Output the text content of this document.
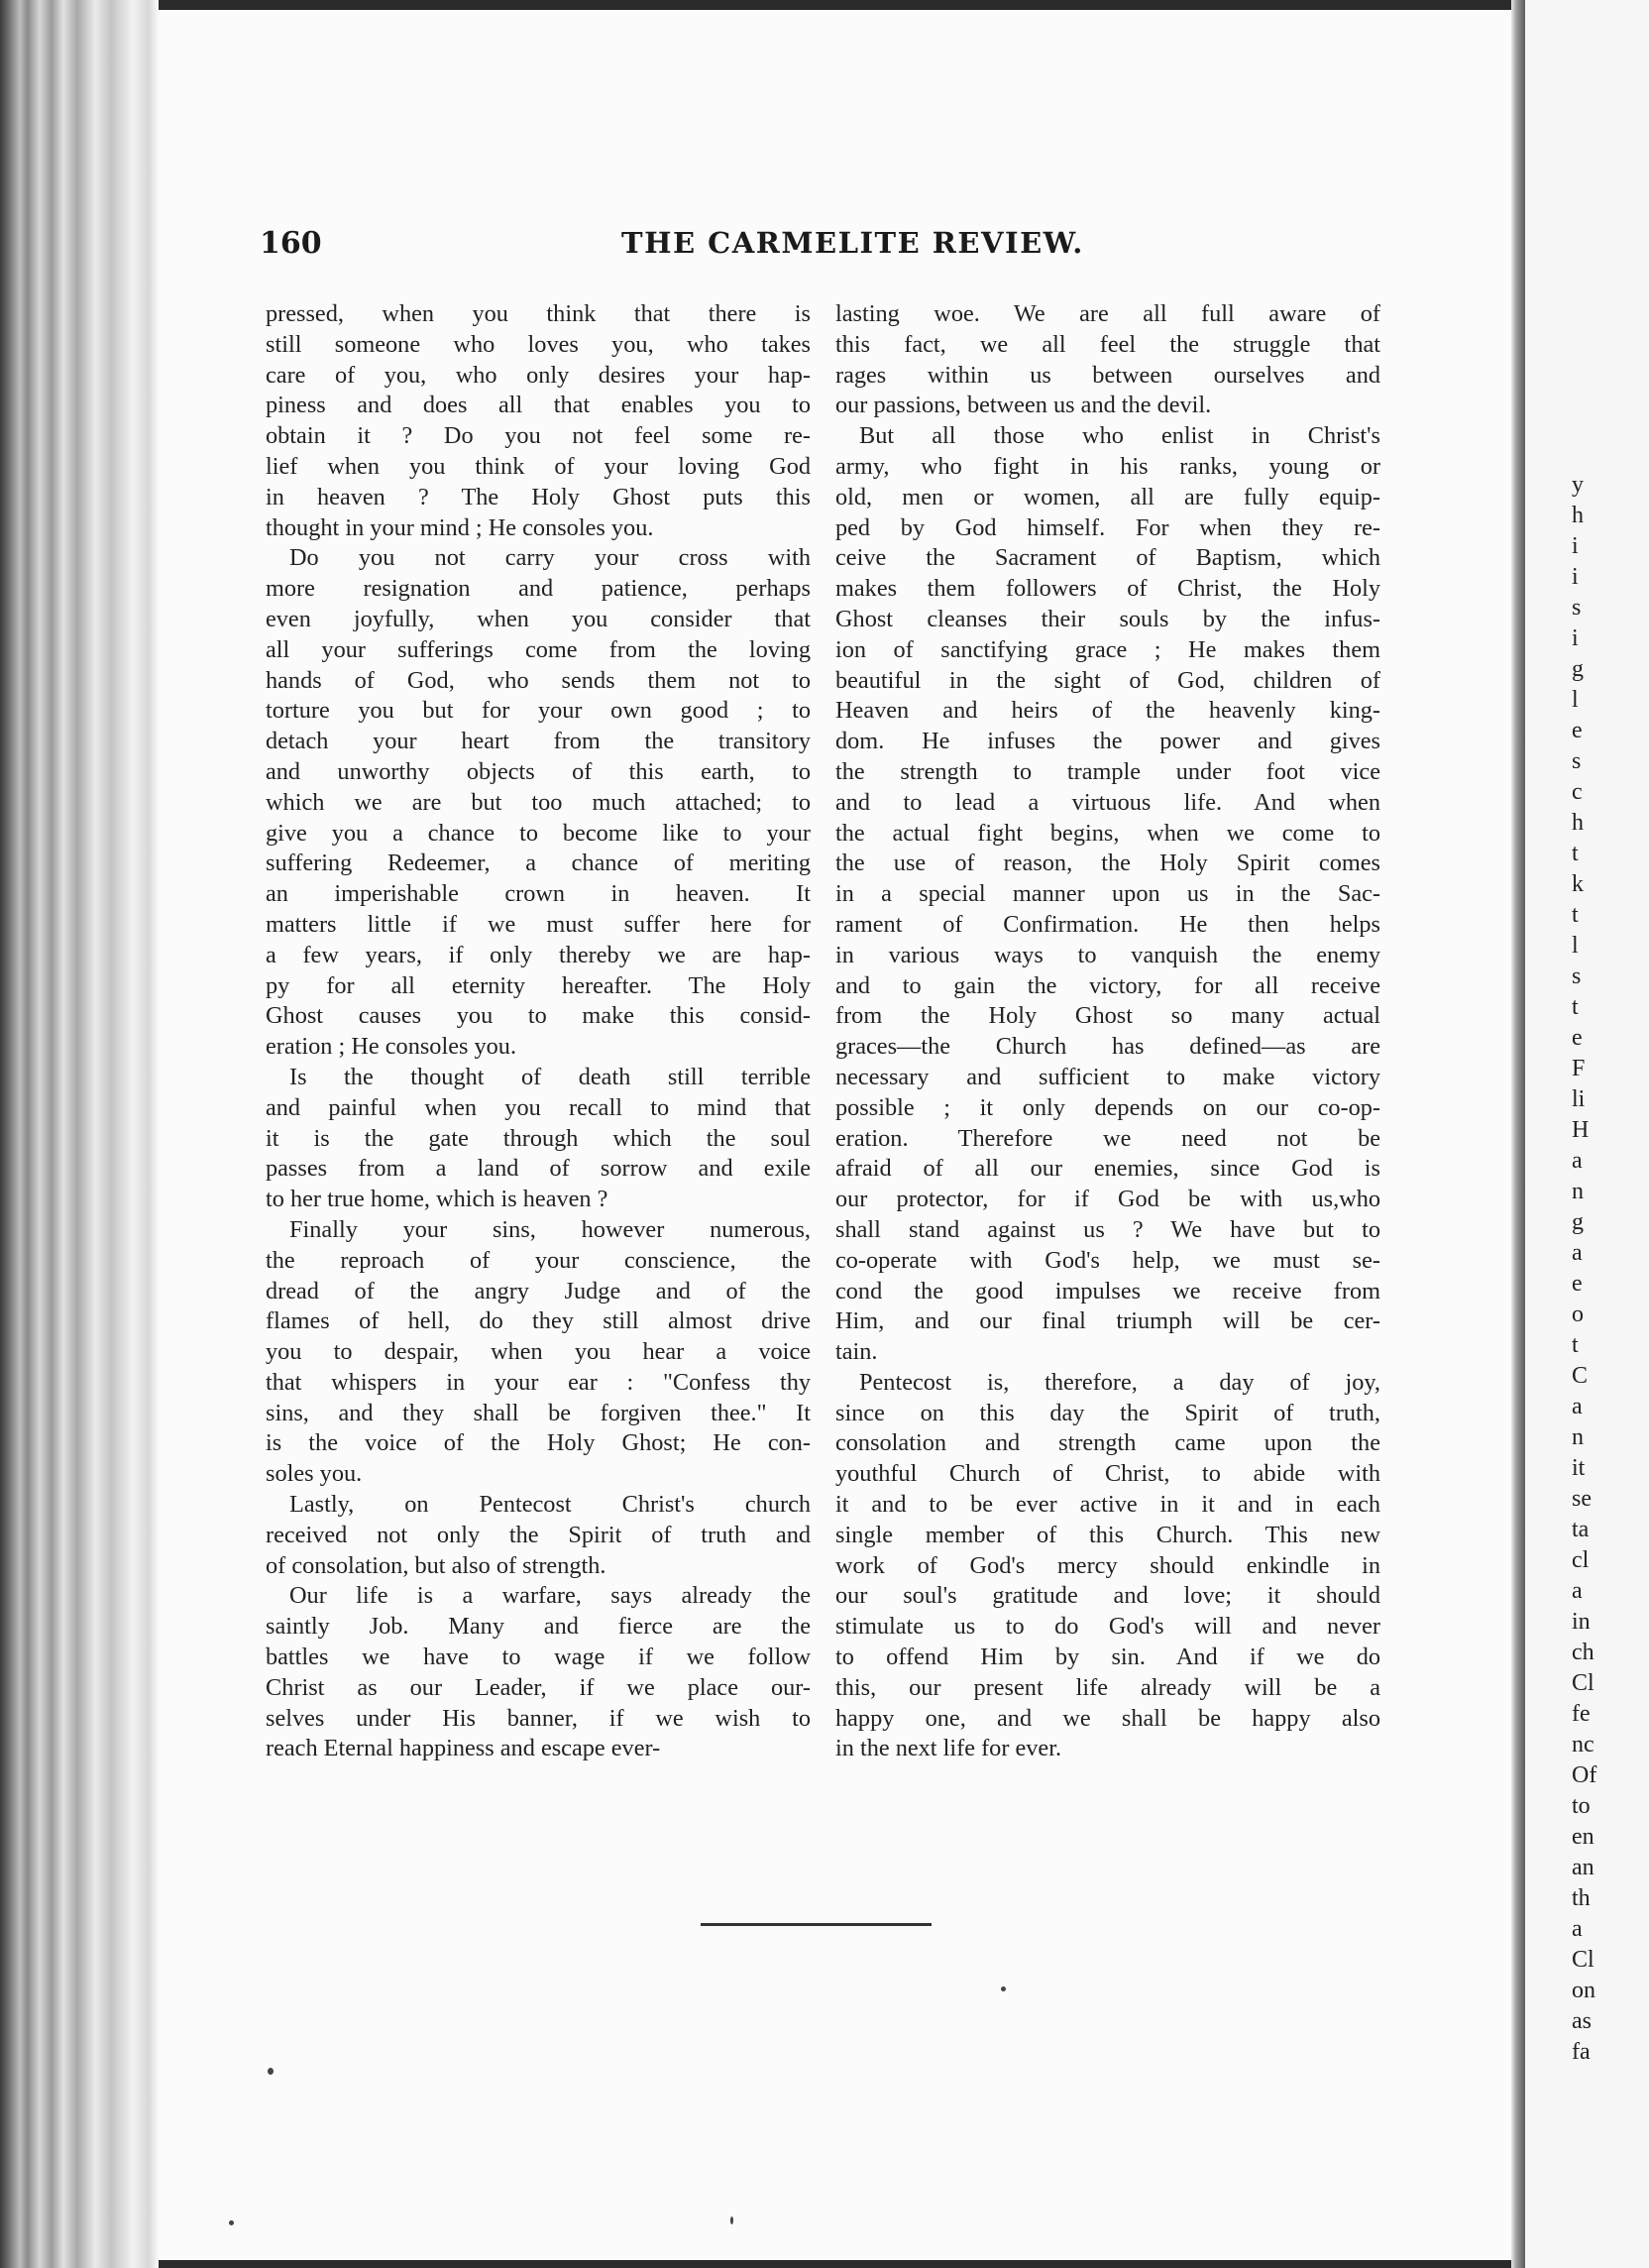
160	THE CARMELITE REVIEW.
pressed, when you think that there is
still someone who loves you, who takes
care of you, who only desires your hap-
piness and does all that enables you to
obtain it ? Do you not feel some re-
lief when you think of your loving God
in heaven ? The Holy Ghost puts this
thought in your mind ; He consoles you.
Do you not carry your cross with
more resignation and patience, perhaps
even joyfully, when you consider that
all your sufferings come from the loving
hands of God, who sends them not to
torture you but for your own good ; to
detach your heart from the transitory
and unworthy objects of this earth, to
which we are but too much attached; to
give you a chance to become like to your
suffering Redeemer, a chance of meriting
an imperishable crown in heaven. It
matters little if we must suffer here for
a few years, if only thereby we are hap-
py for all eternity hereafter. The Holy
Ghost causes you to make this consid-
eration ; He consoles you.
Is the thought of death still terrible
and painful when you recall to mind that
it is the gate through which the soul
passes from a land of sorrow and exile
to her true home, which is heaven ?
Finally your sins, however numerous,
the reproach of your conscience, the
dread of the angry Judge and of the
flames of hell, do they still almost drive
you to despair, when you hear a voice
that whispers in your ear : "Confess thy
sins, and they shall be forgiven thee." It
is the voice of the Holy Ghost; He con-
soles you.
Lastly, on Pentecost Christ's church
received not only the Spirit of truth and
of consolation, but also of strength.
Our life is a warfare, says already the
saintly Job. Many and fierce are the
battles we have to wage if we follow
Christ as our Leader, if we place our-
selves under His banner, if we wish to
reach Eternal happiness and escape ever-
lasting woe. We are all full aware of
this fact, we all feel the struggle that
rages within us between ourselves and
our passions, between us and the devil.
But all those who enlist in Christ's
army, who fight in his ranks, young or
old, men or women, all are fully equip-
ped by God himself. For when they re-
ceive the Sacrament of Baptism, which
makes them followers of Christ, the Holy
Ghost cleanses their souls by the infus-
ion of sanctifying grace ; He makes them
beautiful in the sight of God, children of
Heaven and heirs of the heavenly king-
dom. He infuses the power and gives
the strength to trample under foot vice
and to lead a virtuous life. And when
the actual fight begins, when we come to
the use of reason, the Holy Spirit comes
in a special manner upon us in the Sac-
rament of Confirmation. He then helps
in various ways to vanquish the enemy
and to gain the victory, for all receive
from the Holy Ghost so many actual
graces—the Church has defined—as are
necessary and sufficient to make victory
possible ; it only depends on our co-op-
eration. Therefore we need not be
afraid of all our enemies, since God is
our protector, for if God be with us,who
shall stand against us ? We have but to
co-operate with God's help, we must se-
cond the good impulses we receive from
Him, and our final triumph will be cer-
tain.
Pentecost is, therefore, a day of joy,
since on this day the Spirit of truth,
consolation and strength came upon the
youthful Church of Christ, to abide with
it and to be ever active in it and in each
single member of this Church. This new
work of God's mercy should enkindle in
our soul's gratitude and love; it should
stimulate us to do God's will and never
to offend Him by sin. And if we do
this, our present life already will be a
happy one, and we shall be happy also
in the next life for ever.
y
h
i
i
s
i
g
l
e
s
c
h
t
k
t
l
s
t
e
F
li
H
a
n
g
a
e
o
t
C
a
n
it
se
ta
cl
a
in
ch
Cl
fe
nc
Of
to
en
an
th
a
Cl
on
as
fa
